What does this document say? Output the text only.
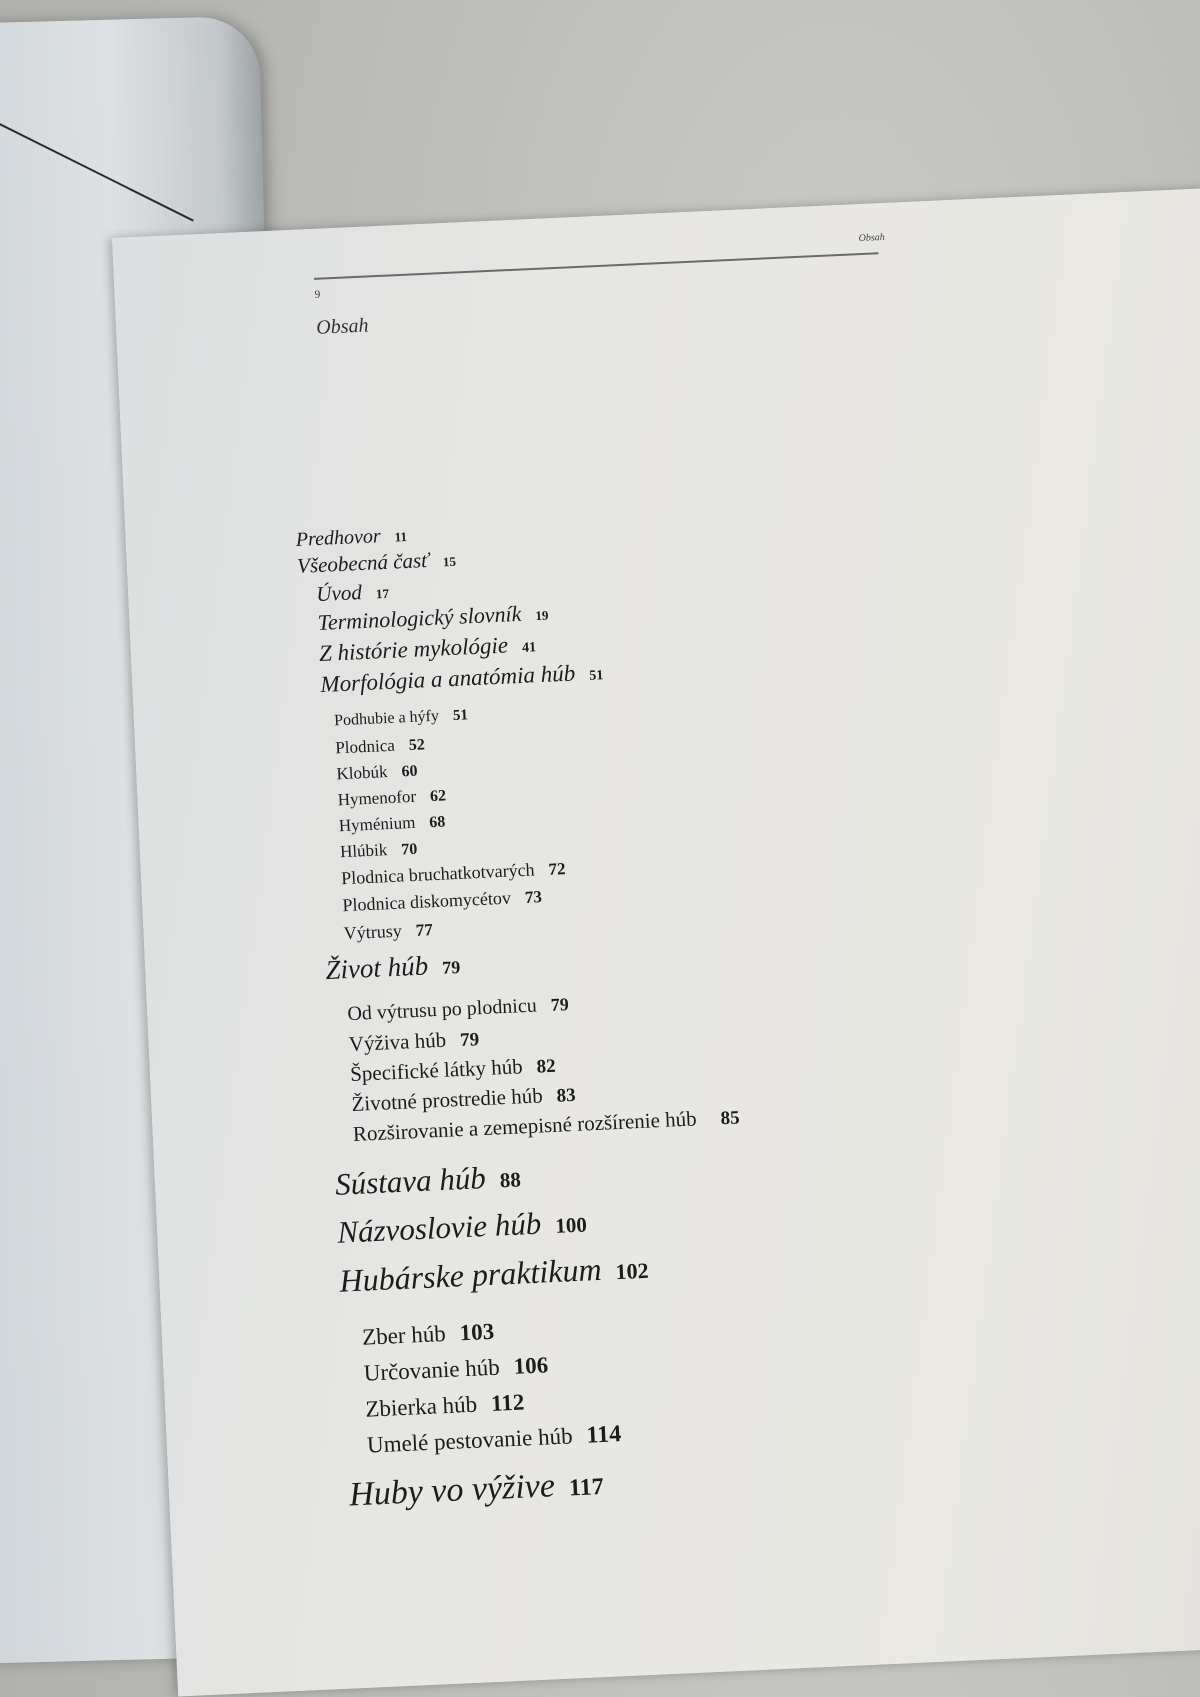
Obsah
9
Obsah
Predhovor 11
Všeobecná časť 15
Úvod 17
Terminologický slovník 19
Z histórie mykológie 41
Morfológia a anatómia húb 51
Podhubie a hýfy 51
Plodnica 52
Klobúk 60
Hymenofor 62
Hyménium 68
Hlúbik 70
Plodnica bruchatkotvarých 72
Plodnica diskomycétov 73
Výtrusy 77
Život húb 79
Od výtrusu po plodnicu 79
Výživa húb 79
Špecifické látky húb 82
Životné prostredie húb 83
Rozširovanie a zemepisné rozšírenie húb 85
Sústava húb 88
Názvoslovie húb 100
Hubárske praktikum 102
Zber húb 103
Určovanie húb 106
Zbierka húb 112
Umelé pestovanie húb 114
Huby vo výžive 117
